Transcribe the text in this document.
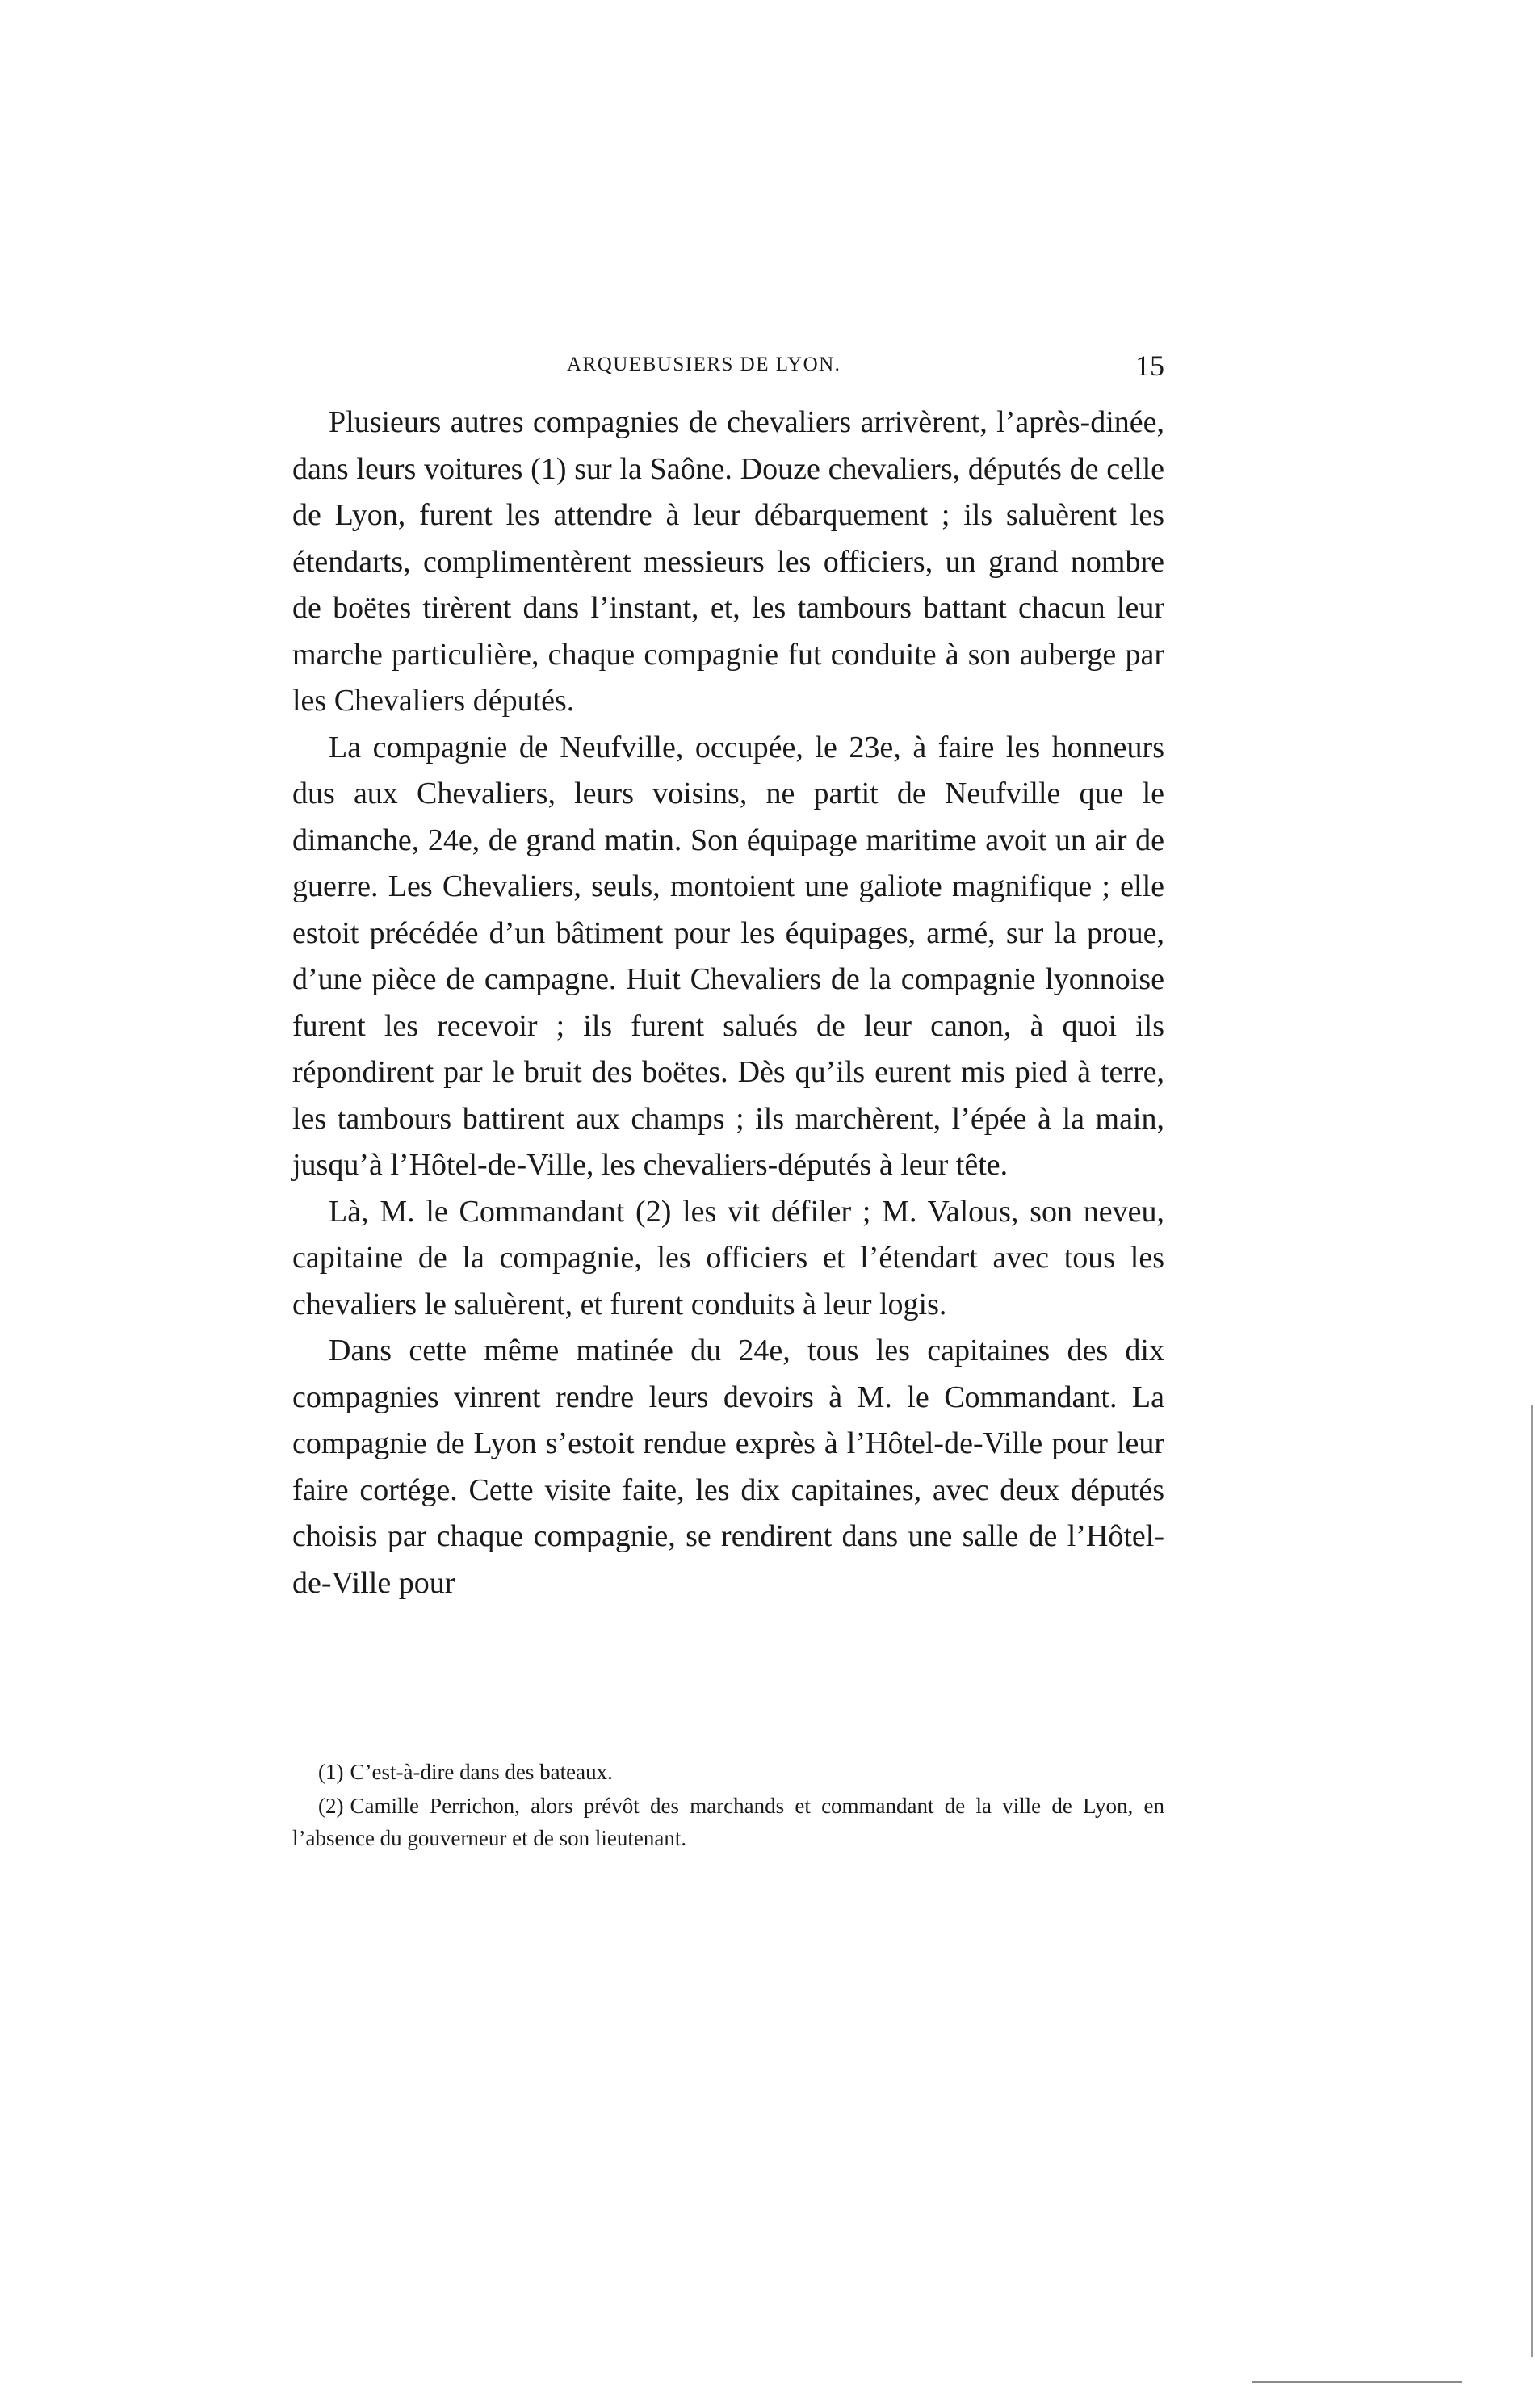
ARQUEBUSIERS DE LYON.	15

Plusieurs autres compagnies de chevaliers arrivèrent, l’après-dinée, dans leurs voitures (1) sur la Saône. Douze chevaliers, députés de celle de Lyon, furent les attendre à leur débarquement ; ils saluèrent les étendarts, complimentèrent messieurs les officiers, un grand nombre de boëtes tirèrent dans l’instant, et, les tambours battant chacun leur marche particulière, chaque compagnie fut conduite à son auberge par les Chevaliers députés.

La compagnie de Neufville, occupée, le 23e, à faire les honneurs dus aux Chevaliers, leurs voisins, ne partit de Neufville que le dimanche, 24e, de grand matin. Son équipage maritime avoit un air de guerre. Les Chevaliers, seuls, montoient une galiote magnifique ; elle estoit précédée d’un bâtiment pour les équipages, armé, sur la proue, d’une pièce de campagne. Huit Chevaliers de la compagnie lyonnoise furent les recevoir ; ils furent salués de leur canon, à quoi ils répondirent par le bruit des boëtes. Dès qu’ils eurent mis pied à terre, les tambours battirent aux champs ; ils marchèrent, l’épée à la main, jusqu’à l’Hôtel-de-Ville, les chevaliers-députés à leur tête.

Là, M. le Commandant (2) les vit défiler ; M. Valous, son neveu, capitaine de la compagnie, les officiers et l’étendart avec tous les chevaliers le saluèrent, et furent conduits à leur logis.

Dans cette même matinée du 24e, tous les capitaines des dix compagnies vinrent rendre leurs devoirs à M. le Commandant. La compagnie de Lyon s’estoit rendue exprès à l’Hôtel-de-Ville pour leur faire cortége. Cette visite faite, les dix capitaines, avec deux députés choisis par chaque compagnie, se rendirent dans une salle de l’Hôtel-de-Ville pour

(1) C’est-à-dire dans des bateaux.

(2) Camille Perrichon, alors prévôt des marchands et commandant de la ville de Lyon, en l’absence du gouverneur et de son lieutenant.
